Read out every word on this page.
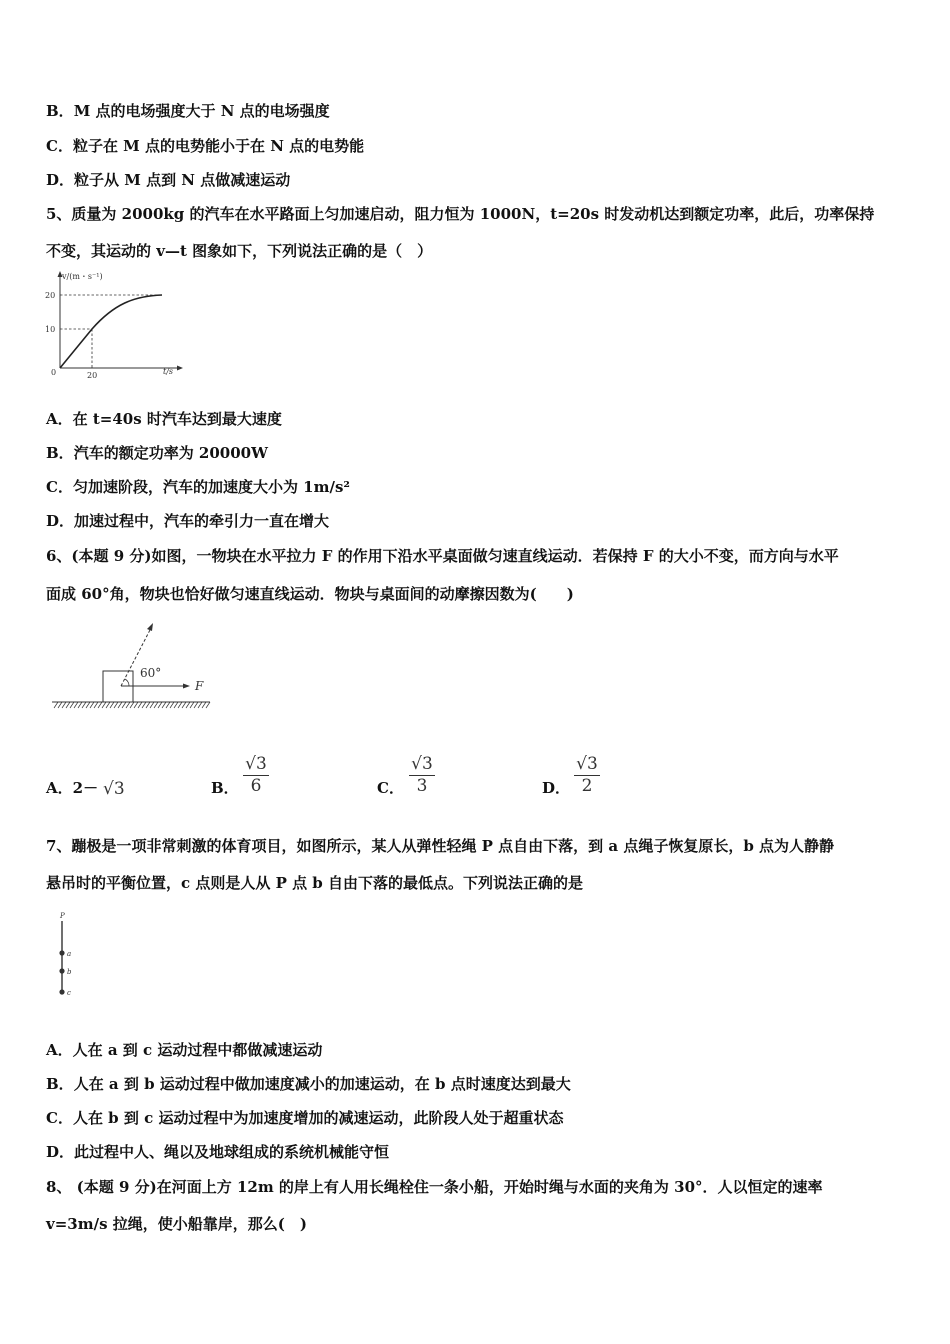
B．M 点的电场强度大于 N 点的电场强度
C．粒子在 M 点的电势能小于在 N 点的电势能
D．粒子从 M 点到 N 点做减速运动
5、质量为 2000kg 的汽车在水平路面上匀加速启动，阻力恒为 1000N，t=20s 时发动机达到额定功率，此后，功率保持
不变，其运动的 v—t 图象如下，下列说法正确的是（　）
v/(m・s⁻¹)
t/s
0
20
10
20
A．在 t=40s 时汽车达到最大速度
B．汽车的额定功率为 20000W
C．匀加速阶段，汽车的加速度大小为 1m/s²
D．加速过程中，汽车的牵引力一直在增大
6、(本题 9 分)如图，一物块在水平拉力 F 的作用下沿水平桌面做匀速直线运动．若保持 F 的大小不变，而方向与水平
面成 60°角，物块也恰好做匀速直线运动．物块与桌面间的动摩擦因数为(　　)
60°
F
A．2－ √3	B． $\frac{√3}{6}$	C． $\frac{√3}{3}$	D． $\frac{√3}{2}$
7、蹦极是一项非常刺激的体育项目，如图所示，某人从弹性轻绳 P 点自由下落，到 a 点绳子恢复原长，b 点为人静静
悬吊时的平衡位置，c 点则是人从 P 点 b 自由下落的最低点。下列说法正确的是
P
a
b
c
A．人在 a 到 c 运动过程中都做减速运动
B．人在 a 到 b 运动过程中做加速度减小的加速运动，在 b 点时速度达到最大
C．人在 b 到 c 运动过程中为加速度增加的减速运动，此阶段人处于超重状态
D．此过程中人、绳以及地球组成的系统机械能守恒
8、 (本题 9 分)在河面上方 12m 的岸上有人用长绳栓住一条小船，开始时绳与水面的夹角为 30°．人以恒定的速率
v=3m/s 拉绳，使小船靠岸，那么(　)
